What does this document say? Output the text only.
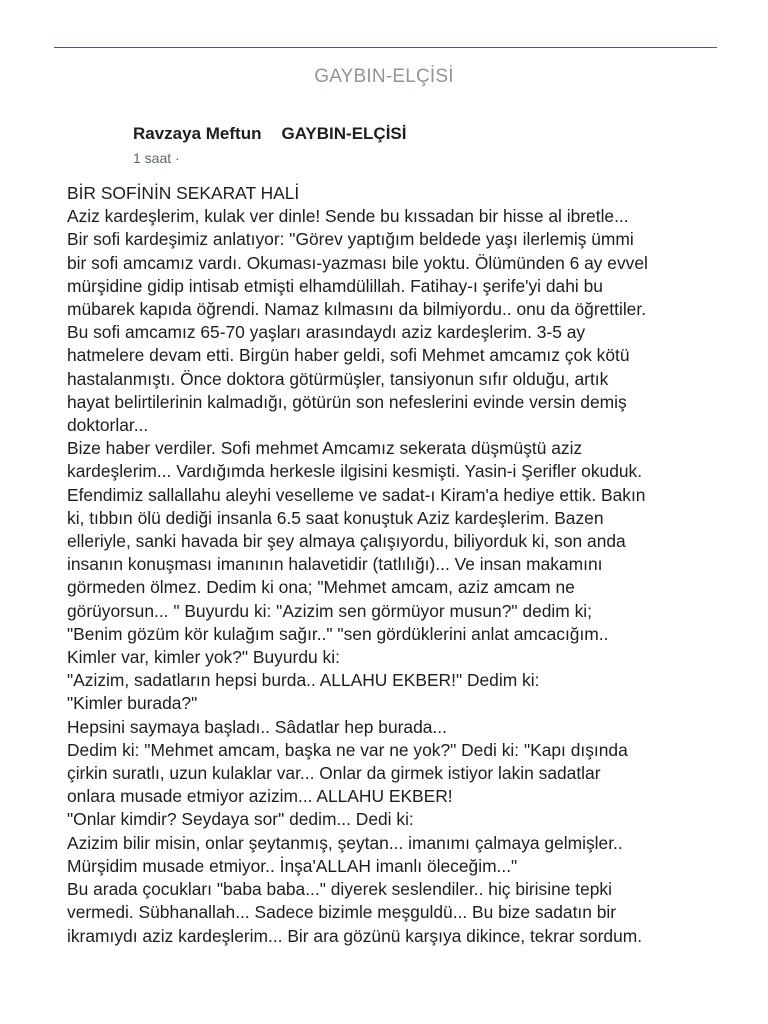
GAYBIN-ELÇİSİ
Ravzaya Meftun GAYBIN-ELÇİSİ
1 saat ·

BİR SOFİNİN SEKARAT HALİ

Aziz kardeşlerim, kulak ver dinle! Sende bu kıssadan bir hisse al ibretle...

Bir sofi kardeşimiz anlatıyor: "Görev yaptığım beldede yaşı ilerlemiş ümmi

bir sofi amcamız vardı. Okuması-yazması bile yoktu. Ölümünden 6 ay evvel

mürşidine gidip intisab etmişti elhamdülillah. Fatihay-ı şerife'yi dahi bu

mübarek kapıda öğrendi. Namaz kılmasını da bilmiyordu.. onu da öğrettiler.

Bu sofi amcamız 65-70 yaşları arasındaydı aziz kardeşlerim. 3-5 ay

hatmelere devam etti. Birgün haber geldi, sofi Mehmet amcamız çok kötü

hastalanmıştı. Önce doktora götürmüşler, tansiyonun sıfır olduğu, artık

hayat belirtilerinin kalmadığı, götürün son nefeslerini evinde versin demiş

doktorlar...

Bize haber verdiler. Sofi mehmet Amcamız sekerata düşmüştü aziz

kardeşlerim... Vardığımda herkesle ilgisini kesmişti. Yasin-i Şerifler okuduk.

Efendimiz sallallahu aleyhi veselleme ve sadat-ı Kiram'a hediye ettik. Bakın

ki, tıbbın ölü dediği insanla 6.5 saat konuştuk Aziz kardeşlerim. Bazen

elleriyle, sanki havada bir şey almaya çalışıyordu, biliyorduk ki, son anda

insanın konuşması imanının halavetidir (tatlılığı)... Ve insan makamını

görmeden ölmez. Dedim ki ona; "Mehmet amcam, aziz amcam ne

görüyorsun... " Buyurdu ki: "Azizim sen görmüyor musun?" dedim ki;

"Benim gözüm kör kulağım sağır.." "sen gördüklerini anlat amcacığım..

Kimler var, kimler yok?" Buyurdu ki:

"Azizim, sadatların hepsi burda.. ALLAHU EKBER!" Dedim ki:

"Kimler burada?"

Hepsini saymaya başladı.. Sâdatlar hep burada...

Dedim ki: "Mehmet amcam, başka ne var ne yok?" Dedi ki: "Kapı dışında

çirkin suratlı, uzun kulaklar var... Onlar da girmek istiyor lakin sadatlar

onlara musade etmiyor azizim... ALLAHU EKBER!

"Onlar kimdir? Seydaya sor" dedim... Dedi ki:

Azizim bilir misin, onlar şeytanmış, şeytan... imanımı çalmaya gelmişler..

Mürşidim musade etmiyor.. İnşa'ALLAH imanlı öleceğim..."

Bu arada çocukları "baba baba..." diyerek seslendiler.. hiç birisine tepki

vermedi. Sübhanallah... Sadece bizimle meşguldü... Bu bize sadatın bir

ikramıydı aziz kardeşlerim... Bir ara gözünü karşıya dikince, tekrar sordum.
